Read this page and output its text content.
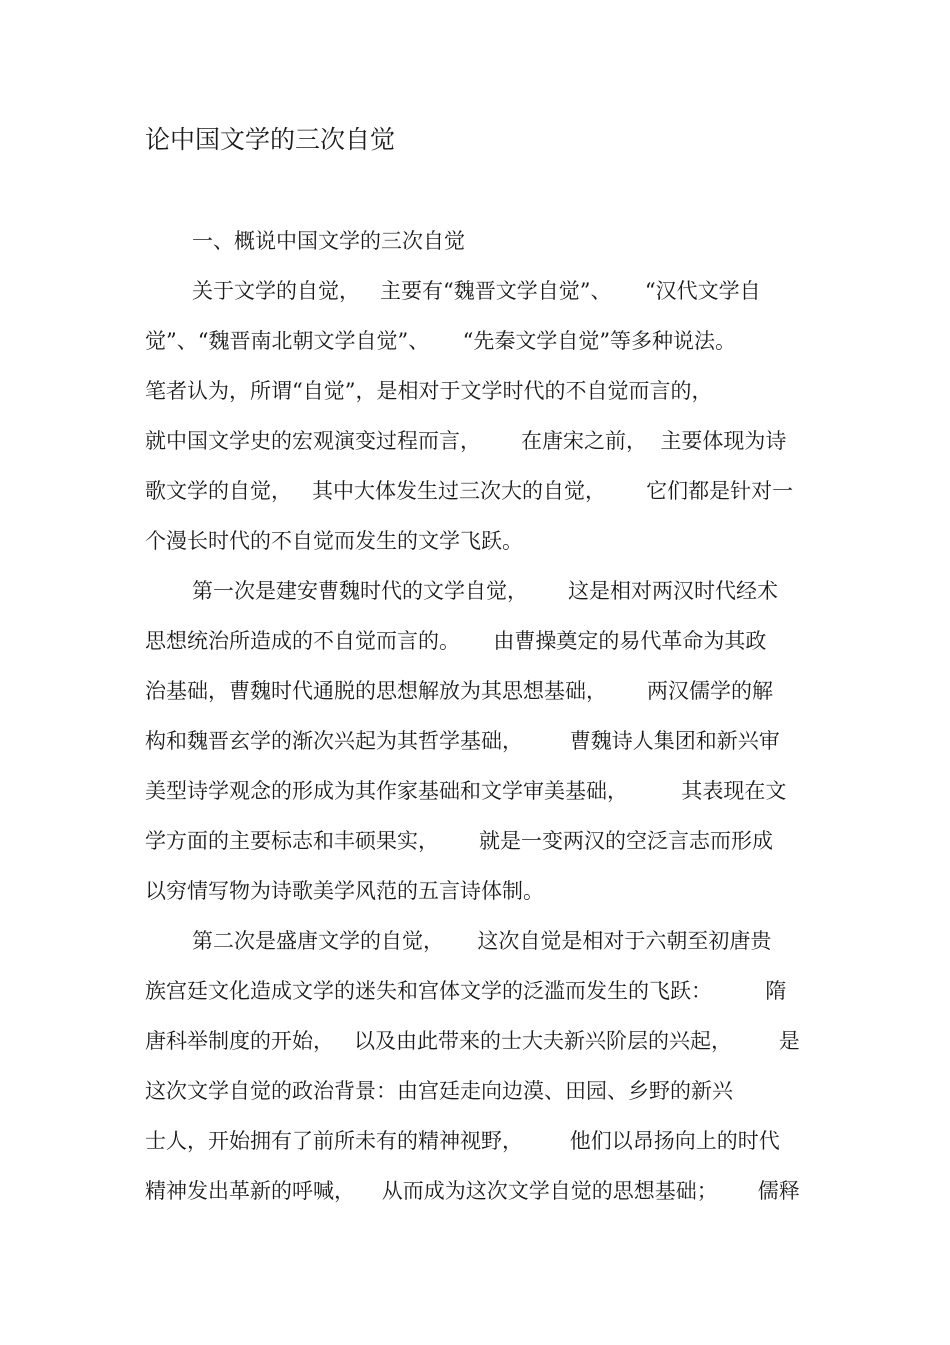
论中国文学的三次自觉
一、概说中国文学的三次自觉
关于文学的自觉，   主要有“魏晋文学自觉”、     “汉代文学自
觉”、“魏晋南北朝文学自觉”、     “先秦文学自觉”等多种说法。
笔者认为，所谓“自觉”，是相对于文学时代的不自觉而言的，
就中国文学史的宏观演变过程而言，      在唐宋之前，  主要体现为诗
歌文学的自觉，   其中大体发生过三次大的自觉，      它们都是针对一
个漫长时代的不自觉而发生的文学飞跃。
第一次是建安曹魏时代的文学自觉，      这是相对两汉时代经术
思想统治所造成的不自觉而言的。     由曹操奠定的易代革命为其政
治基础，曹魏时代通脱的思想解放为其思想基础，      两汉儒学的解
构和魏晋玄学的渐次兴起为其哲学基础，       曹魏诗人集团和新兴审
美型诗学观念的形成为其作家基础和文学审美基础，        其表现在文
学方面的主要标志和丰硕果实，      就是一变两汉的空泛言志而形成
以穷情写物为诗歌美学风范的五言诗体制。
第二次是盛唐文学的自觉，     这次自觉是相对于六朝至初唐贵
族宫廷文化造成文学的迷失和宫体文学的泛滥而发生的飞跃：        隋
唐科举制度的开始，   以及由此带来的士大夫新兴阶层的兴起，       是
这次文学自觉的政治背景：由宫廷走向边漠、田园、乡野的新兴
士人，开始拥有了前所未有的精神视野，       他们以昂扬向上的时代
精神发出革新的呼喊，    从而成为这次文学自觉的思想基础；      儒释
